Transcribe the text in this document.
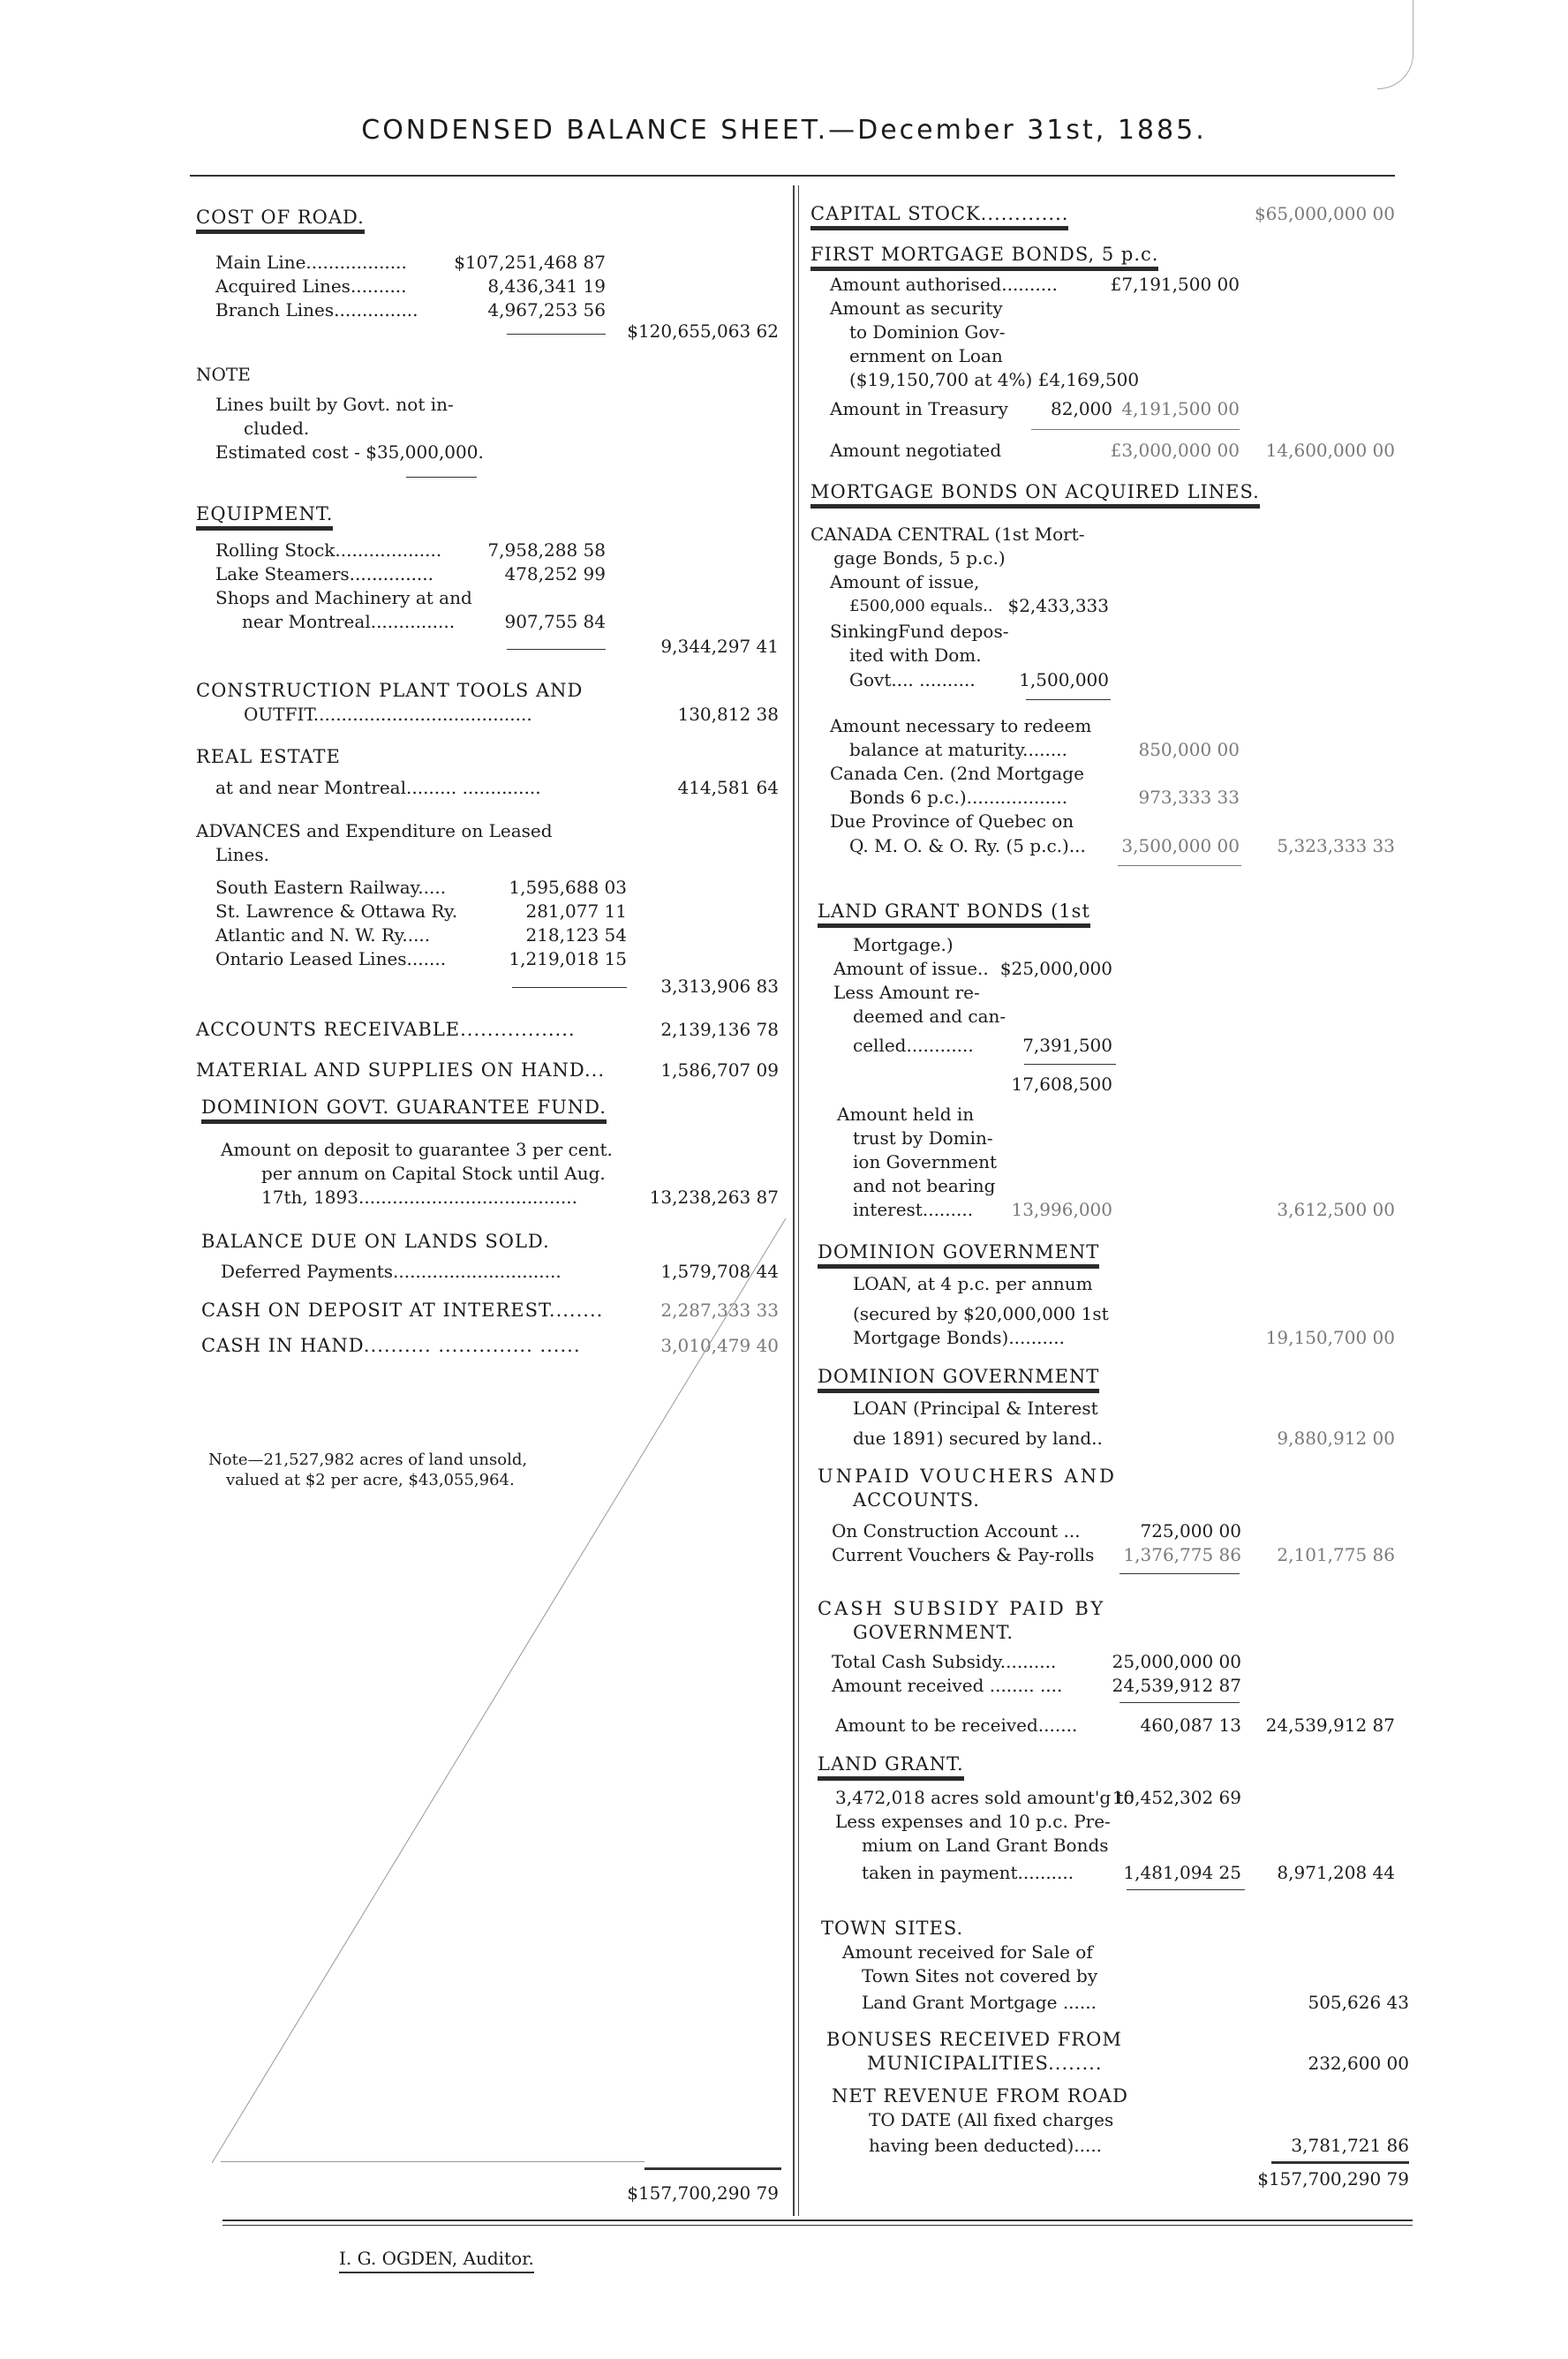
CONDENSED BALANCE SHEET.—December 31st, 1885.
COST OF ROAD.
Main Line..................	$107,251,468 87
Acquired Lines..........	8,436,341 19
Branch Lines...............	4,967,253 56
$120,655,063 62
NOTE
Lines built by Govt. not in-
cluded.
Estimated cost - $35,000,000.
EQUIPMENT.
Rolling Stock...................	7,958,288 58
Lake Steamers...............	478,252 99
Shops and Machinery at and
near Montreal...............	907,755 84
9,344,297 41
CONSTRUCTION PLANT TOOLS AND
OUTFIT.......................................	130,812 38
REAL ESTATE
at and near Montreal......... ..............	414,581 64
ADVANCES and Expenditure on Leased
Lines.
South Eastern Railway.....	1,595,688 03
St. Lawrence & Ottawa Ry.	281,077 11
Atlantic and N. W. Ry.....	218,123 54
Ontario Leased Lines.......	1,219,018 15
3,313,906 83
ACCOUNTS RECEIVABLE.................	2,139,136 78
MATERIAL AND SUPPLIES ON HAND...	1,586,707 09
DOMINION GOVT. GUARANTEE FUND.
Amount on deposit to guarantee 3 per cent.
per annum on Capital Stock until Aug.
17th, 1893.......................................	13,238,263 87
BALANCE DUE ON LANDS SOLD.
Deferred Payments..............................	1,579,708 44
CASH ON DEPOSIT AT INTEREST........	2,287,333 33
CASH IN HAND.......... .............. ......	3,010,479 40
Note—21,527,982 acres of land unsold,
valued at $2 per acre, $43,055,964.
$157,700,290 79
CAPITAL STOCK.............	$65,000,000 00
FIRST MORTGAGE BONDS, 5 p.c.
Amount authorised..........	£7,191,500 00
Amount as security
to Dominion Gov-
ernment on Loan
($19,150,700 at 4%) £4,169,500
Amount in Treasury 82,000 4,191,500 00
Amount negotiated	£3,000,000 00 14,600,000 00
MORTGAGE BONDS ON ACQUIRED LINES.
CANADA CENTRAL (1st Mort-
gage Bonds, 5 p.c.)
Amount of issue,
£500,000 equals.. $2,433,333
SinkingFund depos-
ited with Dom.
Govt.... .......... 1,500,000
Amount necessary to redeem
balance at maturity........	850,000 00
Canada Cen. (2nd Mortgage
Bonds 6 p.c.)..................	973,333 33
Due Province of Quebec on
Q. M. O. & O. Ry. (5 p.c.)... 3,500,000 00 5,323,333 33
LAND GRANT BONDS (1st
Mortgage.)
Amount of issue.. $25,000,000
Less Amount re-
deemed and can-
celled............	7,391,500
17,608,500
Amount held in
trust by Domin-
ion Government
and not bearing
interest......... 13,996,000	3,612,500 00
DOMINION GOVERNMENT
LOAN, at 4 p.c. per annum
(secured by $20,000,000 1st
Mortgage Bonds)..........	19,150,700 00
DOMINION GOVERNMENT
LOAN (Principal & Interest
due 1891) secured by land..	9,880,912 00
UNPAID VOUCHERS AND
ACCOUNTS.
On Construction Account ...	725,000 00
Current Vouchers & Pay-rolls 1,376,775 86 2,101,775 86
CASH SUBSIDY PAID BY
GOVERNMENT.
Total Cash Subsidy..........	25,000,000 00
Amount received ........ ....	24,539,912 87
Amount to be received.......	460,087 13 24,539,912 87
LAND GRANT.
3,472,018 acres sold amount'g to
10,452,302 69
Less expenses and 10 p.c. Pre-
mium on Land Grant Bonds
taken in payment..........	1,481,094 25 8,971,208 44
TOWN SITES.
Amount received for Sale of
Town Sites not covered by
Land Grant Mortgage ......	505,626 43
BONUSES RECEIVED FROM
MUNICIPALITIES........	232,600 00
NET REVENUE FROM ROAD
TO DATE (All fixed charges
having been deducted).....	3,781,721 86
$157,700,290 79
I. G. OGDEN, Auditor.
